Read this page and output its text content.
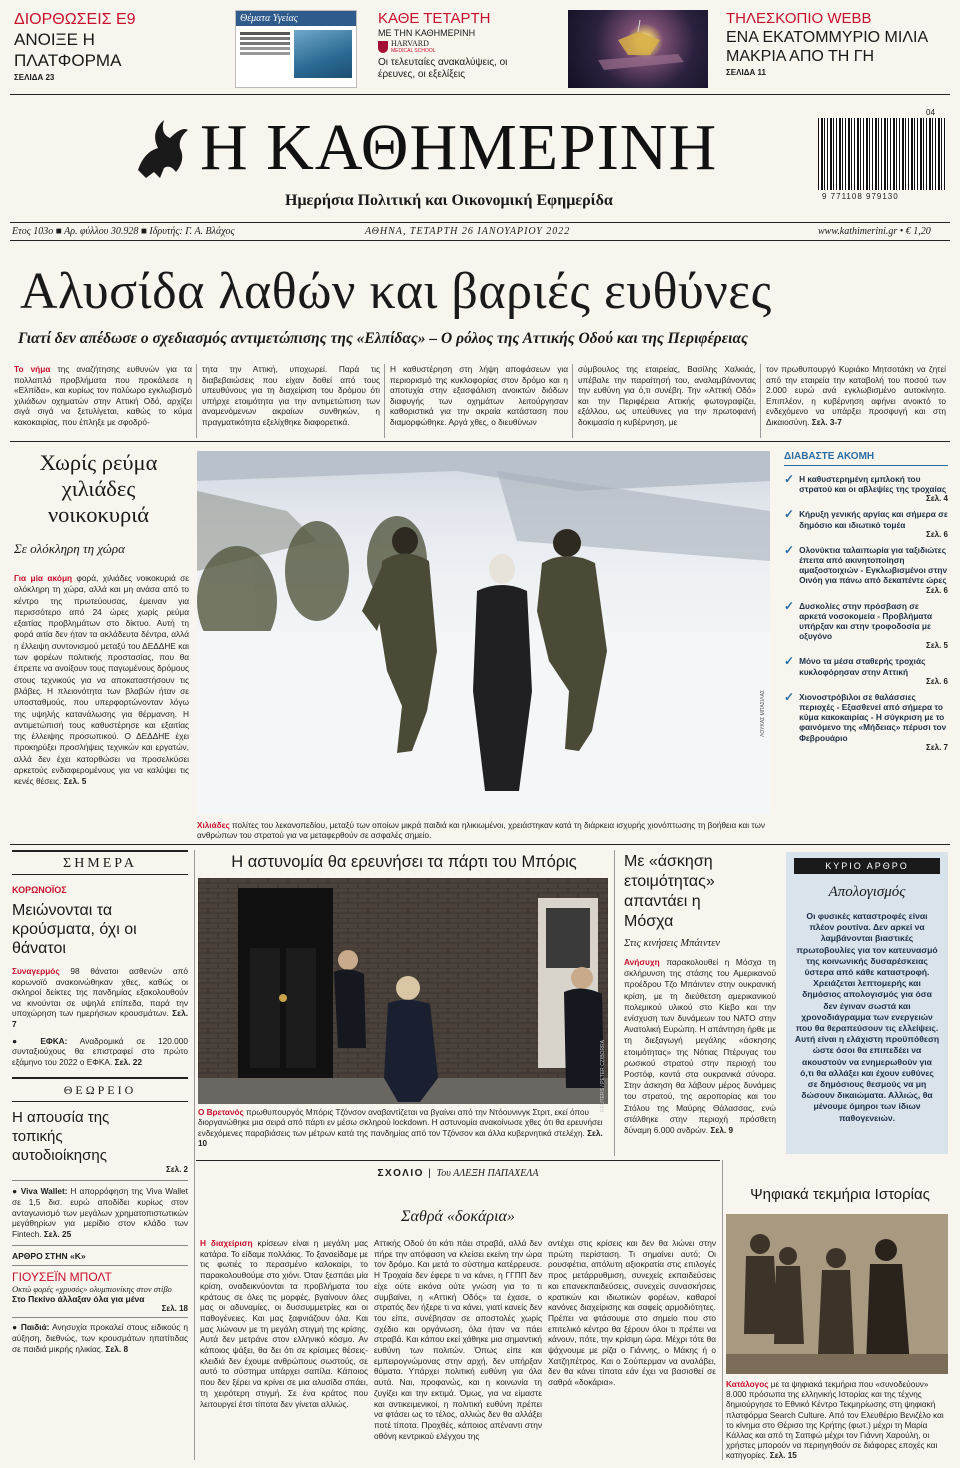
ΔΙΟΡΘΩΣΕΙΣ Ε9
ΑΝΟΙΞΕ Η ΠΛΑΤΦΟΡΜΑ
ΣΕΛΙΔΑ 23
Θέματα Υγείας	ΚΑΘΕ ΤΕΤΑΡΤΗ
ΜΕ ΤΗΝ ΚΑΘΗΜΕΡΙΝΗ
HARVARD
MEDICAL SCHOOL
Οι τελευταίες ανακαλύψεις, οι έρευνες, οι εξελίξεις
ΤΗΛΕΣΚΟΠΙΟ WEBB
ΕΝΑ ΕΚΑΤΟΜΜΥΡΙΟ ΜΙΛΙΑ ΜΑΚΡΙΑ ΑΠΟ ΤΗ ΓΗ
ΣΕΛΙΔΑ 11
Η ΚΑΘΗΜΕΡΙΝΗ
Ημερήσια Πολιτική και Οικονομική Εφημερίδα
04
9 771108 979130
Ετος 103ο ■ Αρ. φύλλου 30.928 ■ Ιδρυτής: Γ. Α. Βλάχος	ΑΘΗΝΑ, ΤΕΤΑΡΤΗ 26 ΙΑΝΟΥΑΡΙΟΥ 2022	www.kathimerini.gr • € 1,20
Αλυσίδα λαθών και βαριές ευθύνες
Γιατί δεν απέδωσε ο σχεδιασμός αντιμετώπισης της «Ελπίδας» – Ο ρόλος της Αττικής Οδού και της Περιφέρειας
Το νήμα της αναζήτησης ευθυνών για τα πολλαπλά προβλήματα που προκάλεσε η «Ελπίδα», και κυρίως τον πολύωρο εγκλωβισμό χιλιάδων οχηματών στην Αττική Οδό, αρχίζει σιγά σιγά να ξετυλίγεται, καθώς το κύμα κακοκαιρίας, που έπληξε με σφοδρό-
τητα την Αττική, υποχωρεί. Παρά τις διαβεβαιώσεις που είχαν δοθεί από τους υπευθύνους για τη διαχείριση του δρόμου ότι υπήρχε ετοιμότητα για την αντιμετώπιση των αναμενόμενων ακραίων συνθηκών, η πραγματικότητα εξελίχθηκε διαφορετικά.
Η καθυστέρηση στη λήψη αποφάσεων για περιορισμό της κυκλοφορίας στον δρόμο και η αποτυχία στην εξασφάλιση ανοικτών διόδων διαφυγής των οχημάτων λειτούργησαν καθοριστικά για την ακραία κατάσταση που διαμορφώθηκε. Αργά χθες, ο διευθύνων
σύμβουλος της εταιρείας, Βασίλης Χαλκιάς, υπέβαλε την παραίτησή του, αναλαμβάνοντας την ευθύνη για ό,τι συνέβη. Την «Αττική Οδό» και την Περιφέρεια Αττικής φωτογραφίζει, εξάλλου, ως υπεύθυνες για την πρωτοφανή δοκιμασία η κυβέρνηση, με
τον πρωθυπουργό Κυριάκο Μητσοτάκη να ζητεί από την εταιρεία την καταβολή του ποσού των 2.000 ευρώ ανά εγκλωβισμένο αυτοκίνητο. Επιπλέον, η κυβέρνηση αφήνει ανοικτό το ενδεχόμενο να υπάρξει προσφυγή και στη Δικαιοσύνη. Σελ. 3-7
Χωρίς ρεύμα χιλιάδες νοικοκυριά
Σε ολόκληρη τη χώρα
Για μία ακόμη φορά, χιλιάδες νοικοκυριά σε ολόκληρη τη χώρα, αλλά και μη ανάσα από το κέντρο της πρωτεύουσας, έμειναν για περισσότερο από 24 ώρες χωρίς ρεύμα εξαιτίας προβλημάτων στο δίκτυο. Αυτή τη φορά αιτία δεν ήταν τα ακλάδευτα δέντρα, αλλά η έλλειψη συντονισμού μεταξύ του ΔΕΔΔΗΕ και των φορέων πολιτικής προστασίας, που θα έπρεπε να ανοίξουν τους παγωμένους δρόμους στους τεχνικούς για να αποκαταστήσουν τις βλάβες. Η πλειονότητα των βλαβών ήταν σε υποσταθμούς, που υπερφορτώνονταν λόγω της υψηλής κατανάλωσης για θέρμανση. Η αντιμετώπισή τους καθυστέρησε και εξαιτίας της έλλειψης προσωπικού. Ο ΔΕΔΔΗΕ έχει προκηρύξει προσλήψεις τεχνικών και εργατών, αλλά δεν έχει κατορθώσει να προσελκύσει αρκετούς ενδιαφερομένους για να καλύψει τις κενές θέσεις. Σελ. 5
ΛΟΥΚΑΣ ΜΠΑΣΙΛΑΣ
Χιλιάδες πολίτες του λεκανοπεδίου, μεταξύ των οποίων μικρά παιδιά και ηλικιωμένοι, χρειάστηκαν κατά τη διάρκεια ισχυρής χιονόπτωσης τη βοήθεια και των ανθρώπων του στρατού για να μεταφερθούν σε ασφαλές σημείο.
ΔΙΑΒΑΣΤΕ ΑΚΟΜΗ
✓ Η καθυστερημένη εμπλοκή του στρατού και οι αβλεψίες της τροχαίας
Σελ. 4
✓ Κήρυξη γενικής αργίας και σήμερα σε δημόσιο και ιδιωτικό τομέα
Σελ. 6
✓ Ολονύκτια ταλαιπωρία για ταξιδιώτες έπειτα από ακινητοποίηση αμαξοστοιχιών - Εγκλωβισμένοι στην Οινόη για πάνω από δεκαπέντε ώρες
Σελ. 6
✓ Δυσκολίες στην πρόσβαση σε αρκετά νοσοκομεία - Προβλήματα υπήρξαν και στην τροφοδοσία με οξυγόνο
Σελ. 5
✓ Μόνο τα μέσα σταθερής τροχιάς κυκλοφόρησαν στην Αττική
Σελ. 6
✓ Χιονοστρόβιλοι σε θαλάσσιες περιοχές - Εξασθενεί από σήμερα το κύμα κακοκαιρίας - Η σύγκριση με το φαινόμενο της «Μήδειας» πέρυσι τον Φεβρουάριο
Σελ. 7
ΣΗΜΕΡΑ
ΚΟΡΩΝΟΪΟΣ
Μειώνονται τα κρούσματα, όχι οι θάνατοι
Συναγερμός 98 θάνατοι ασθενών από κορωνοϊό ανακοινώθηκαν χθες, καθώς οι σκληροί δείκτες της πανδημίας εξακολουθούν να κινούνται σε υψηλά επίπεδα, παρά την υποχώρηση των ημερήσιων κρουσμάτων. Σελ. 7
● ΕΦΚΑ: Αναδρομικά σε 120.000 συνταξιούχους θα επιστραφεί στο πρώτο εξάμηνο του 2022 ο ΕΦΚΑ. Σελ. 22
ΘΕΩΡΕΙΟ
Η απουσία της τοπικής αυτοδιοίκησης
Σελ. 2
● Viva Wallet: Η απορρόφηση της Viva Wallet σε 1,5 δισ. ευρώ αποδίδει κυρίως στον ανταγωνισμό των μεγάλων χρηματοπιστωτικών μεγάθηρίων για μερίδιο στον κλάδο των Fintech. Σελ. 25
ΑΡΘΡΟ ΣΤΗΝ «Κ»
ΓΙΟΥΣΕΪΝ ΜΠΟΛΤ
Οκτώ φορές «χρυσός» ολυμπιονίκης στον στίβο
Στο Πεκίνο άλλαξαν όλα για μένα
Σελ. 18
● Παιδιά: Ανησυχία προκαλεί στους ειδικούς η αύξηση, διεθνώς, των κρουσμάτων ηπατίτιδας σε παιδιά μικρής ηλικίας. Σελ. 8
Η αστυνομία θα ερευνήσει τα πάρτι του Μπόρις
REUTERS / PETER CZIBORRA
Ο Βρετανός πρωθυπουργός Μπόρις Τζόνσον αναβαντίζεται να βγαίνει από την Ντόουνινγκ Στριτ, εκεί όπου διοργανώθηκε μια σειρά από πάρτι εν μέσω σκληρού lockdown. Η αστυνομία ανακοίνωσε χθες ότι θα ερευνήσει ενδεχόμενες παραβιάσεις των μέτρων κατά της πανδημίας από τον Τζόνσον και άλλα κυβερνητικά στελέχη. Σελ. 10
Με «άσκηση ετοιμότητας» απαντάει η Μόσχα
Στις κινήσεις Μπάιντεν
Ανήσυχη παρακολουθεί η Μόσχα τη σκλήρυνση της στάσης του Αμερικανού προέδρου Τζο Μπάιντεν στην ουκρανική κρίση, με τη διεύθετση αμερικανικού πολεμικού υλικού στο Κίεβο και την ενίσχυση των δυνάμεων του ΝΑΤΟ στην Ανατολική Ευρώπη. Η απάντηση ήρθε με τη διεξαγωγή μεγάλης «άσκησης ετοιμότητας» της Νότιας Πτέρυγας του ρωσικού στρατού στην περιοχή του Ροστόφ, κοντά στα ουκρανικά σύνορα. Στην άσκηση θα λάβουν μέρος δυνάμεις του στρατού, της αεροπορίας και του Στόλου της Μαύρης Θάλασσας, ενώ στάλθηκε στην περιοχή πρόσθετη δύναμη 6.000 ανδρών. Σελ. 9
ΚΥΡΙΟ ΑΡΘΡΟ
Απολογισμός
Οι φυσικές καταστροφές είναι πλέον ρουτίνα. Δεν αρκεί να λαμβάνονται βιαστικές πρωτοβουλίες για τον κατευνασμό της κοινωνικής δυσαρέσκειας ύστερα από κάθε καταστροφή. Χρειάζεται λεπτομερής και δημόσιος απολογισμός για όσα δεν έγιναν σωστά και χρονοδιάγραμμα των ενεργειών που θα θεραπεύσουν τις ελλείψεις. Αυτή είναι η ελάχιστη προϋπόθεση ώστε όσοι θα επιπεδέει να ακουστούν να ενημερωθούν για ό,τι θα αλλάξει και έχουν ευθύνες σε δημόσιους θεσμούς να μη δώσουν δικαιώματα. Αλλιώς, θα μένουμε όμηροι των ίδιων παθογενειών.
ΣΧΟΛΙΟ | Του ΑΛΕΞΗ ΠΑΠΑΧΕΛΑ
Σαθρά «δοκάρια»
Η διαχείριση κρίσεων είναι η μεγάλη μας κατάρα. Το είδαμε πολλάκις. Το ξαναείδαμε με τις φωτιές το περασμένο καλοκαίρι, το παρακολουθούμε στο χιόνι. Όταν ξεσπάει μία κρίση, οναδεικνύονται τα προβλήματα του κράτους σε όλες τις μορφές, βγαίνουν όλες μας οι αδυναμίες, οι δυσσυμμετρίες και οι παθογένειες. Και μας ξαφνιάζουν όλα. Και μας λιώνουν με τη μεγάλη στιγμή της κρίσης. Αυτά δεν μετράνε στον ελληνικό κόσμο. Αν κάποιος ψάξει, θα δει ότι σε κρίσιμες θέσεις-κλειδιά δεν έχουμε ανθρώπους σωστούς, σε αυτό το σύστημα υπάρχει σαπίλα. Κάποιος που δεν ξέρει να κρίνει σε μια αλυσίδα σπάει, τη χειρότερη στιγμή. Σε ένα κράτος που λειτουργεί έτσι τίποτα δεν γίνεται αλλιώς.
Αττικής Οδού ότι κάτι πάει στραβά, αλλά δεν πήρε την απόφαση να κλείσει εκείνη την ώρα τον δρόμο. Και μετά το σύστημα κατέρρευσε. Η Τροχαία δεν έφερε τι να κάνει, η ΓΓΠΠ δεν είχε ούτε εικόνα ούτε γνώση για το τι συμβαίνει, η «Αττική Οδός» τα έχασε, ο στρατός δεν ήξερε τι να κάνει, γιατί κανείς δεν του είπε, συνέβησαν σε αποστολές χωρίς σχέδιο και οργάνωση, όλα ήταν να πάει στραβά. Και κάπου εκεί χάθηκε μια σημαντική ευθύνη των πολιτών. Όπως είπε και εμπειρογνώμονας στην αρχή, δεν υπήρξαν θύματα. Υπάρχει πολιτική ευθύνη για όλα αυτά. Ναι, προφανώς, και η κοινωνία τη ζυγίζει και την εκτιμά. Όμως, για να είμαστε και αντικειμενικοί, η πολιτική ευθύνη πρέπει να φτάσει ως το τέλος, αλλιώς δεν θα αλλάξει ποτέ τίποτα. Προχθές, κάποιος απέναντι στην οθόνη κεντρικού ελέγχου της
αντέχει στις κρίσεις και δεν θα λιώνει στην πρώτη περίσταση. Τι σημαίνει αυτό; Οι ρουσφέτια, απόλυτη αξιοκρατία στις επιλογές προς μετάρρυθμιση, συνεχείς εκπαιδεύσεις και επανεκπαιδεύσεις, συνεχείς συνασκήσεις κρατικών και ιδιωτικών φορέων, καθαροί κανόνες διαχείρισης και σαφείς αρμοδιότητες. Πρέπει να φτάσουμε στο σημείο που στο επιτελικό κέντρο θα ξέρουν όλοι τι πρέπει να κάνουν, πότε, την κρίσιμη ώρα. Μέχρι τότε θα ψάχνουμε με ρίζα ο Γιάννης, ο Μάκης ή ο Χατζηπέτρος. Και ο Σούπερμαν να αναλάβει, δεν θα κάνει τίποτα εάν έχει να βασισθεί σε σαθρά «δοκάρια».
Ψηφιακά τεκμήρια Ιστορίας
Κατάλογος με τα ψηφιακά τεκμήρια που «συνοδεύουν» 8.000 πρόσωπα της ελληνικής Ιστορίας και της τέχνης δημιούργησε το Εθνικό Κέντρο Τεκμηρίωσης στη ψηφιακή πλατφόρμα Search Culture. Από τον Ελευθέριο Βενιζέλο και το κίνημα στο Θέρισο της Κρήτης (φωτ.) μέχρι τη Μαρία Κάλλας και από τη Σαπφώ μέχρι τον Γιάννη Χαρούλη, οι χρήστες μπορούν να περιηγηθούν σε διάφορες εποχές και κατηγορίες. Σελ. 15
